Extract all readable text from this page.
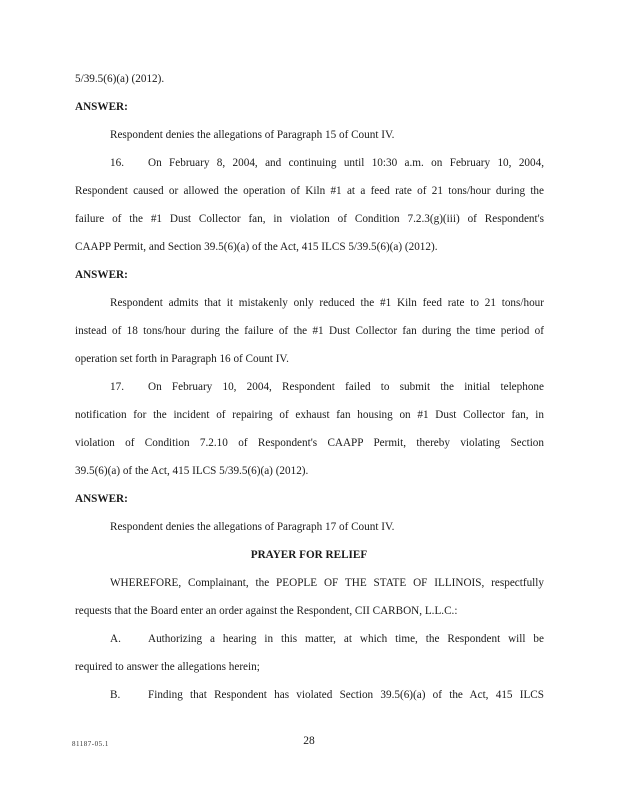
5/39.5(6)(a) (2012).
ANSWER:
Respondent denies the allegations of Paragraph 15 of Count IV.
16. On February 8, 2004, and continuing until 10:30 a.m. on February 10, 2004,
Respondent caused or allowed the operation of Kiln #1 at a feed rate of 21 tons/hour during the
failure of the #1 Dust Collector fan, in violation of Condition 7.2.3(g)(iii) of Respondent's
CAAPP Permit, and Section 39.5(6)(a) of the Act, 415 ILCS 5/39.5(6)(a) (2012).
ANSWER:
Respondent admits that it mistakenly only reduced the #1 Kiln feed rate to 21 tons/hour
instead of 18 tons/hour during the failure of the #1 Dust Collector fan during the time period of
operation set forth in Paragraph 16 of Count IV.
17. On February 10, 2004, Respondent failed to submit the initial telephone
notification for the incident of repairing of exhaust fan housing on #1 Dust Collector fan, in
violation of Condition 7.2.10 of Respondent's CAAPP Permit, thereby violating Section
39.5(6)(a) of the Act, 415 ILCS 5/39.5(6)(a) (2012).
ANSWER:
Respondent denies the allegations of Paragraph 17 of Count IV.
PRAYER FOR RELIEF
WHEREFORE, Complainant, the PEOPLE OF THE STATE OF ILLINOIS, respectfully
requests that the Board enter an order against the Respondent, CII CARBON, L.L.C.:
A. Authorizing a hearing in this matter, at which time, the Respondent will be
required to answer the allegations herein;
B. Finding that Respondent has violated Section 39.5(6)(a) of the Act, 415 ILCS
81187-05.1	28
